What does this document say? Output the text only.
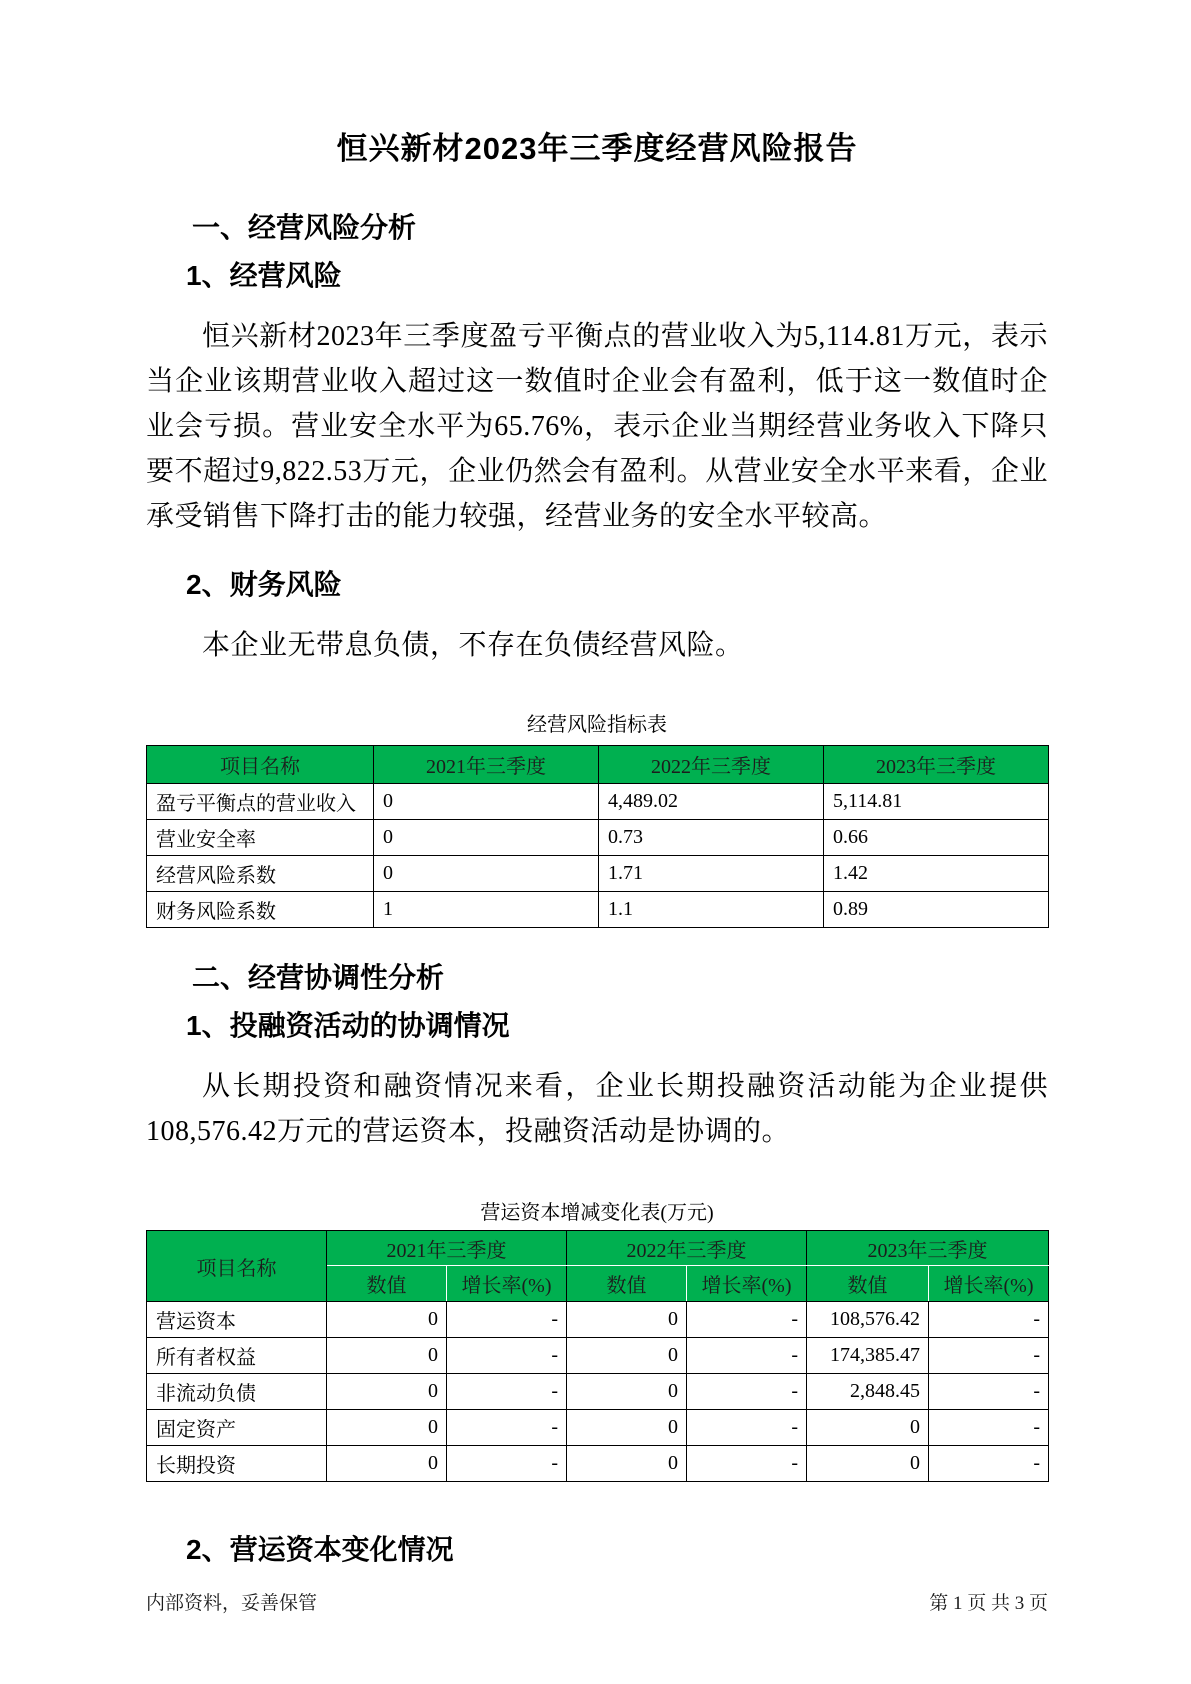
恒兴新材2023年三季度经营风险报告
一、经营风险分析
1、经营风险

恒兴新材2023年三季度盈亏平衡点的营业收入为5,114.81万元，表示当企业该期营业收入超过这一数值时企业会有盈利，低于这一数值时企业会亏损。营业安全水平为65.76%，表示企业当期经营业务收入下降只要不超过9,822.53万元，企业仍然会有盈利。从营业安全水平来看，企业承受销售下降打击的能力较强，经营业务的安全水平较高。

2、财务风险

本企业无带息负债，不存在负债经营风险。

经营风险指标表
项目名称	2021年三季度	2022年三季度	2023年三季度
盈亏平衡点的营业收入	0	4,489.02	5,114.81
营业安全率	0	0.73	0.66
经营风险系数	0	1.71	1.42
财务风险系数	1	1.1	0.89
二、经营协调性分析
1、投融资活动的协调情况

从长期投资和融资情况来看，企业长期投融资活动能为企业提供108,576.42万元的营运资本，投融资活动是协调的。

营运资本增减变化表(万元)
项目名称	2021年三季度		2022年三季度		2023年三季度	
	数值	增长率(%)	数值	增长率(%)	数值	增长率(%)
营运资本	0	-	0	-	108,576.42	-
所有者权益	0	-	0	-	174,385.47	-
非流动负债	0	-	0	-	2,848.45	-
固定资产	0	-	0	-	0	-
长期投资	0	-	0	-	0	-
2、营运资本变化情况
内部资料，妥善保管	第 1 页 共 3 页
